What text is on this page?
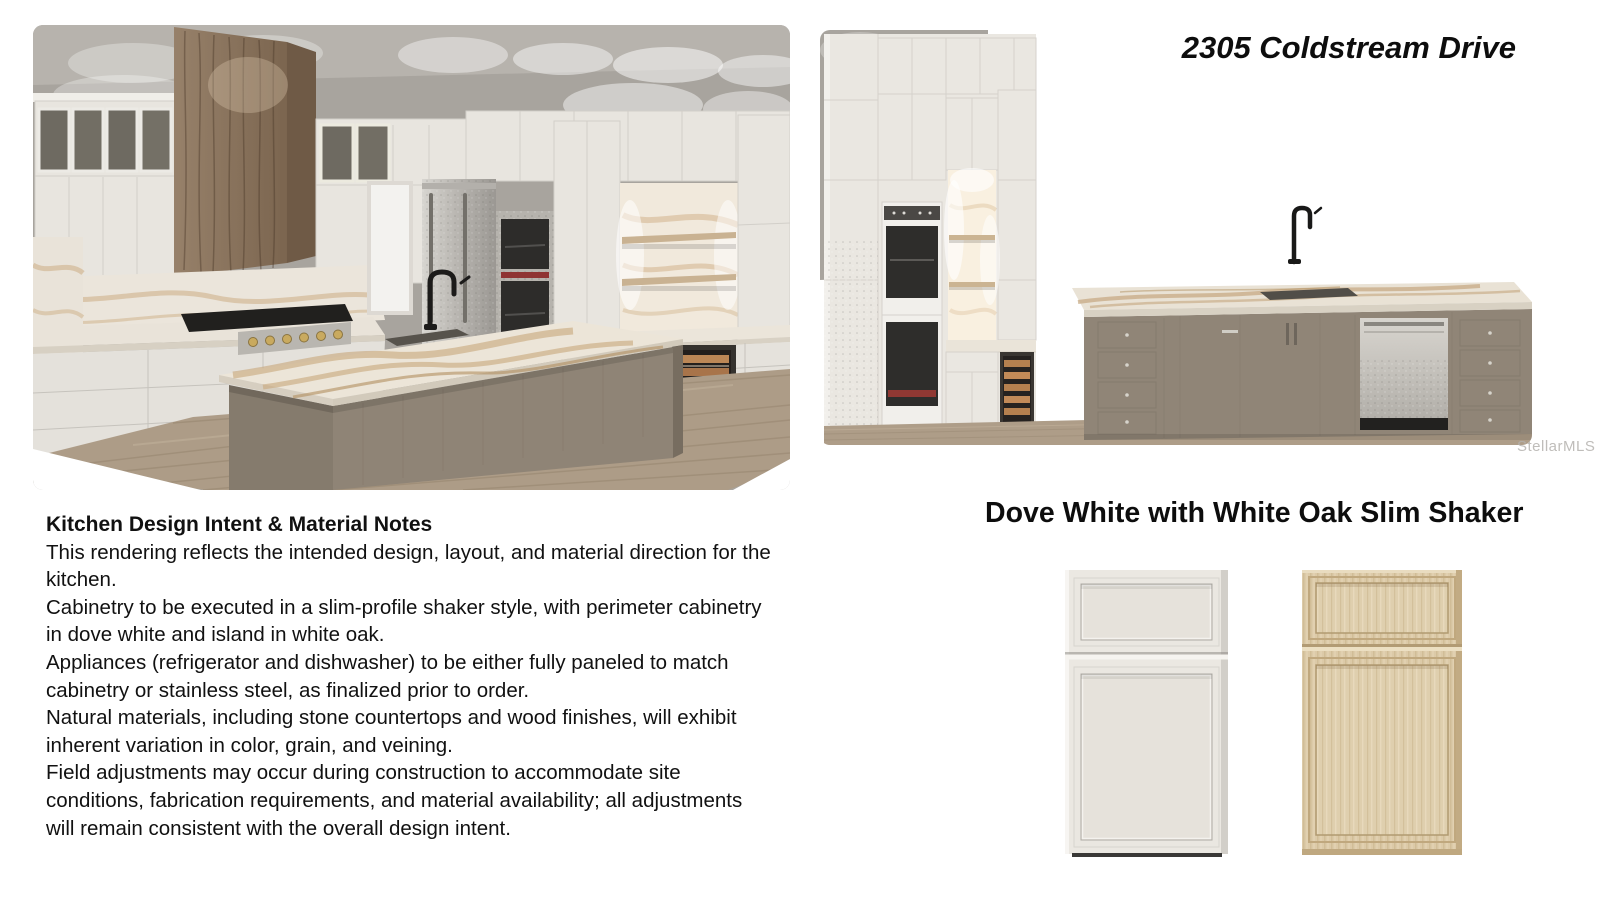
2305 Coldstream Drive
StellarMLS
Kitchen Design Intent & Material Notes
This rendering reflects the intended design, layout, and material direction for the
kitchen.
Cabinetry to be executed in a slim-profile shaker style, with perimeter cabinetry
in dove white and island in white oak.
Appliances (refrigerator and dishwasher) to be either fully paneled to match
cabinetry or stainless steel, as finalized prior to order.
Natural materials, including stone countertops and wood finishes, will exhibit
inherent variation in color, grain, and veining.
Field adjustments may occur during construction to accommodate site
conditions, fabrication requirements, and material availability; all adjustments
will remain consistent with the overall design intent.
Dove White with White Oak Slim Shaker
